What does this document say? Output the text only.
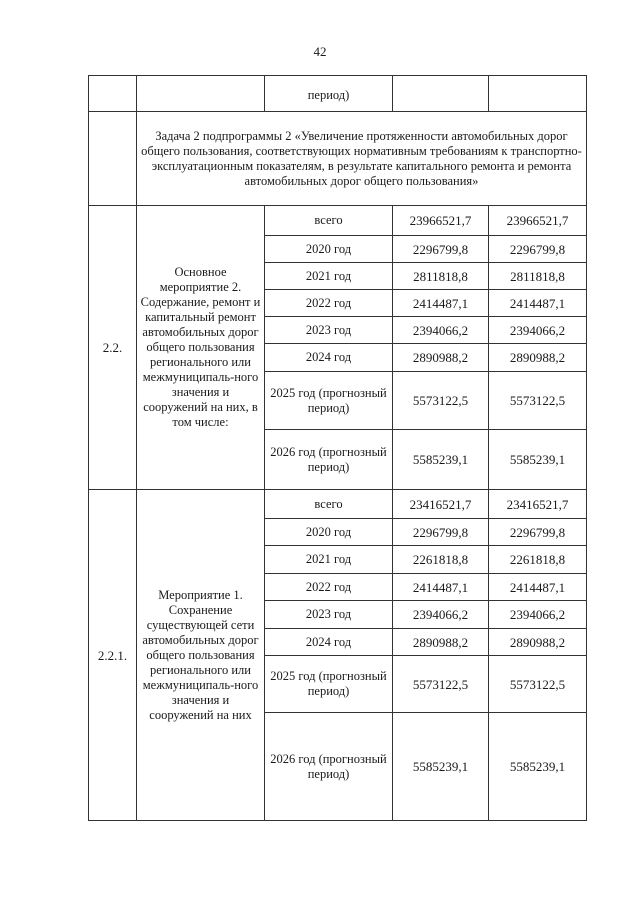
42
		период)		
	Задача 2 подпрограммы 2 «Увеличение протяженности автомобильных дорог общего пользования, соответствующих нормативным требованиям к транспортно-эксплуатационным показателям, в результате капитального ремонта и ремонта автомобильных дорог общего пользования»			
2.2.	Основное мероприятие 2. Содержание, ремонт и капитальный ремонт автомобильных дорог общего пользования регионального или межмуниципаль-ного значения и сооружений на них, в том числе:	всего	23966521,7	23966521,7
		2020 год	2296799,8	2296799,8
		2021 год	2811818,8	2811818,8
		2022 год	2414487,1	2414487,1
		2023 год	2394066,2	2394066,2
		2024 год	2890988,2	2890988,2
		2025 год (прогнозный период)	5573122,5	5573122,5
		2026 год (прогнозный период)	5585239,1	5585239,1
2.2.1.	Мероприятие 1. Сохранение существующей сети автомобильных дорог общего пользования регионального или межмуниципаль-ного значения и сооружений на них	всего	23416521,7	23416521,7
		2020 год	2296799,8	2296799,8
		2021 год	2261818,8	2261818,8
		2022 год	2414487,1	2414487,1
		2023 год	2394066,2	2394066,2
		2024 год	2890988,2	2890988,2
		2025 год (прогнозный период)	5573122,5	5573122,5
		2026 год (прогнозный период)	5585239,1	5585239,1
